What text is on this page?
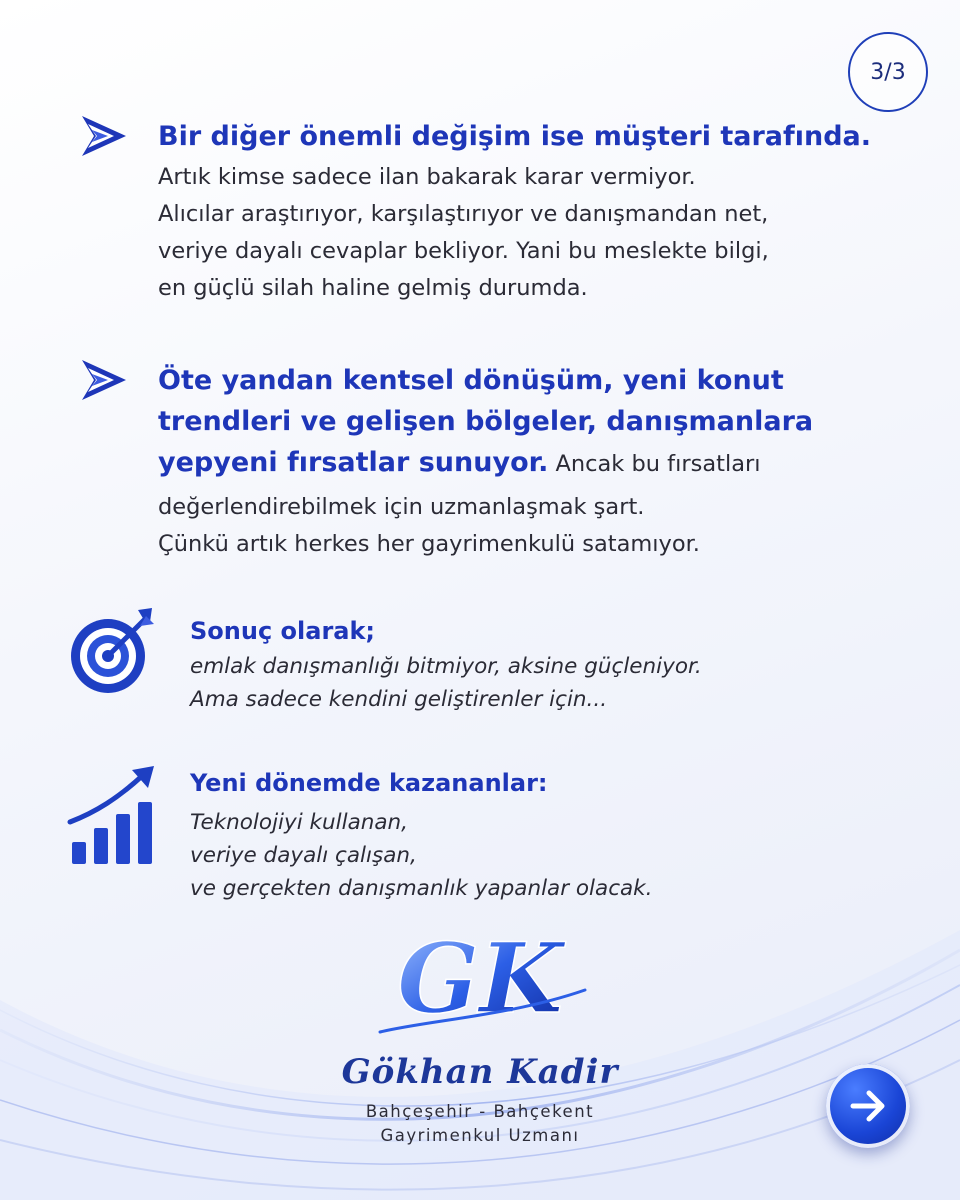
3/3

Bir diğer önemli değişim ise müşteri tarafında.

Artık kimse sadece ilan bakarak karar vermiyor.

Alıcılar araştırıyor, karşılaştırıyor ve danışmandan net,

veriye dayalı cevaplar bekliyor. Yani bu meslekte bilgi,

en güçlü silah haline gelmiş durumda.

Öte yandan kentsel dönüşüm, yeni konut

trendleri ve gelişen bölgeler, danışmanlara

yepyeni fırsatlar sunuyor. Ancak bu fırsatları

değerlendirebilmek için uzmanlaşmak şart.

Çünkü artık herkes her gayrimenkulü satamıyor.

Sonuç olarak;

emlak danışmanlığı bitmiyor, aksine güçleniyor.

Ama sadece kendini geliştirenler için...

Yeni dönemde kazananlar:

Teknolojiyi kullanan,

veriye dayalı çalışan,

ve gerçekten danışmanlık yapanlar olacak.

GK
Gökhan Kadir
Bahçeşehir - Bahçekent
Gayrimenkul Uzmanı
